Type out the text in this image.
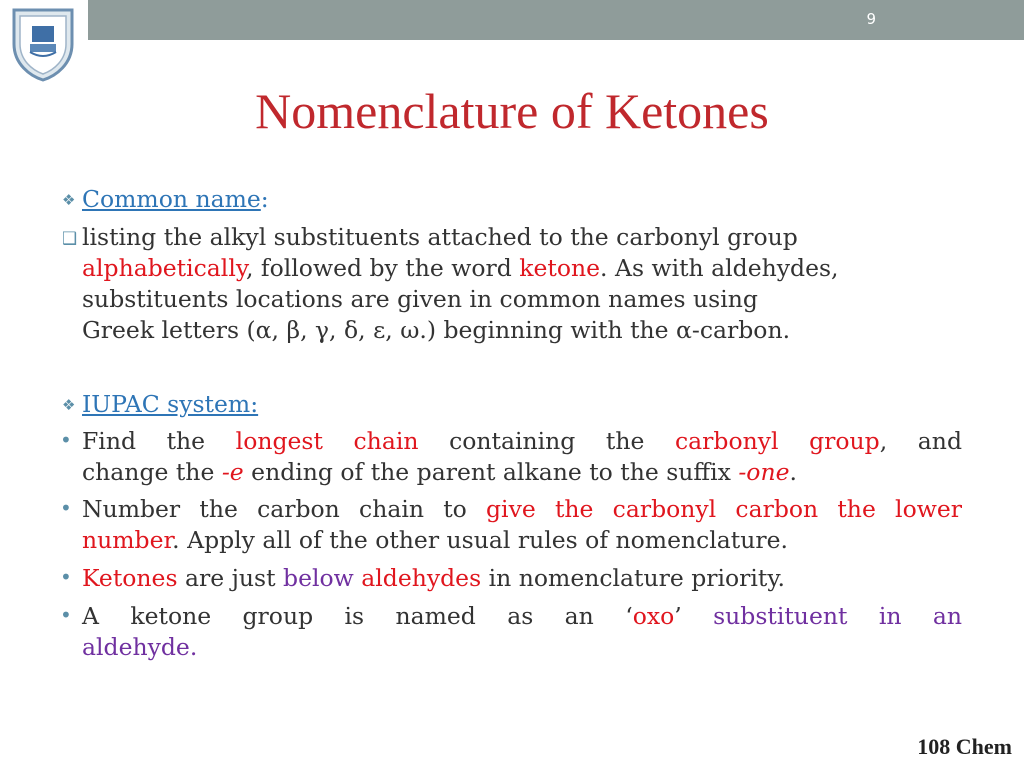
9
Nomenclature of Ketones
❖ Common name:

❑ listing the alkyl substituents attached to the carbonyl group
alphabetically, followed by the word ketone. As with aldehydes,
substituents locations are given in common names using
Greek letters (α, β, γ, δ, ε, ω.) beginning with the α-carbon.

❖ IUPAC system:

• Find the longest chain containing the carbonyl group, and

change the -e ending of the parent alkane to the suffix -one.

• Number the carbon chain to give the carbonyl carbon the lower

number. Apply all of the other usual rules of nomenclature.

• Ketones are just below aldehydes in nomenclature priority.

• A ketone group is named as an ‘oxo’ substituent in an

aldehyde.

108 Chem
